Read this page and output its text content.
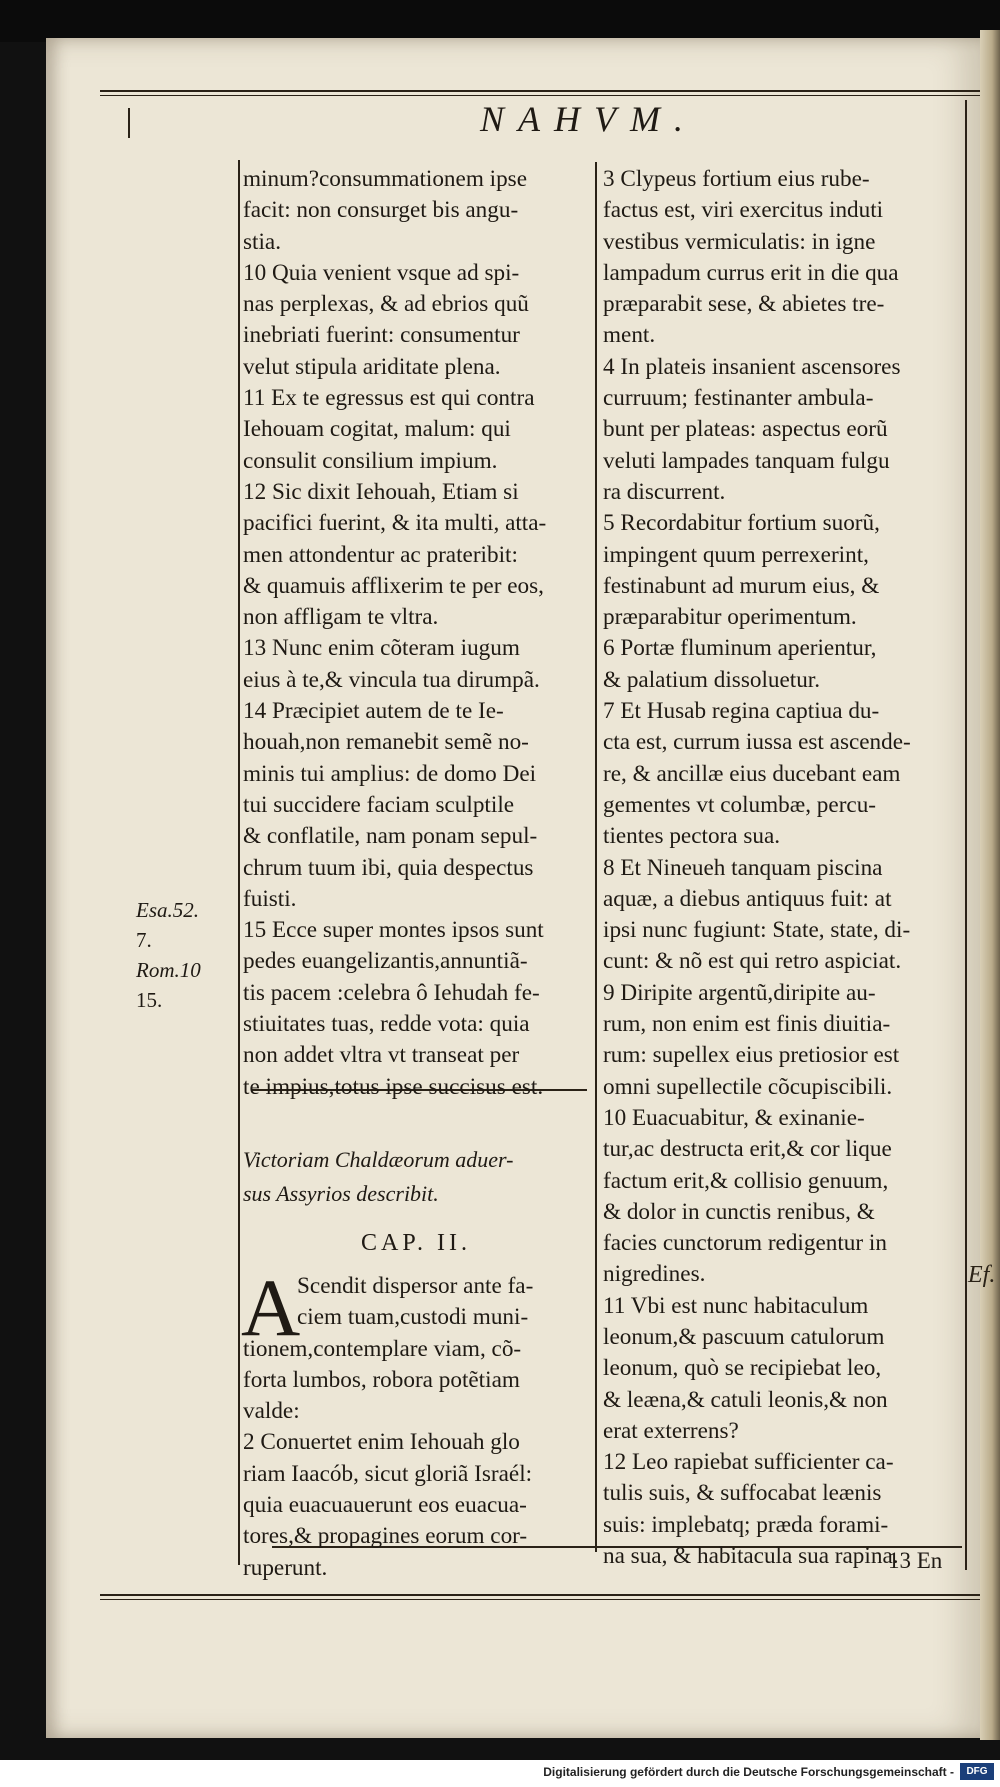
Ef.
NAHVM.
Esa.52.
7.
Rom.10
15.
minum?consummationem ipse
facit: non consurget bis angu-
stia.
10 Quia venient vsque ad spi-
nas perplexas, & ad ebrios quũ
inebriati fuerint: consumentur
velut stipula ariditate plena.
11 Ex te egressus est qui contra
Iehouam cogitat, malum: qui
consulit consilium impium.
12 Sic dixit Iehouah, Etiam si
pacifici fuerint, & ita multi, atta-
men attondentur ac prateribit:
& quamuis afflixerim te per eos,
non affligam te vltra.
13 Nunc enim cõteram iugum
eius à te,& vincula tua dirumpã.
14 Præcipiet autem de te Ie-
houah,non remanebit semẽ no-
minis tui amplius: de domo Dei
tui succidere faciam sculptile
& conflatile, nam ponam sepul-
chrum tuum ibi, quia despectus
fuisti.
15 Ecce super montes ipsos sunt
pedes euangelizantis,annuntiã-
tis pacem :celebra ô Iehudah fe-
stiuitates tuas, redde vota: quia
non addet vltra vt transeat per
te impius,totus ipse succisus est.
Victoriam Chaldæorum aduer-
sus Assyrios describit.
CAP. II.
A
Scendit dispersor ante fa-
ciem tuam,custodi muni-
tionem,contemplare viam, cõ-
forta lumbos, robora potẽtiam
valde:
2 Conuertet enim Iehouah glo
riam Iaacób, sicut gloriã Israél:
quia euacuauerunt eos euacua-
tores,& propagines eorum cor-
ruperunt.
3 Clypeus fortium eius rube-
factus est, viri exercitus induti
vestibus vermiculatis: in igne
lampadum currus erit in die qua
præparabit sese, & abietes tre-
ment.
4 In plateis insanient ascensores
curruum; festinanter ambula-
bunt per plateas: aspectus eorũ
veluti lampades tanquam fulgu
ra discurrent.
5 Recordabitur fortium suorũ,
impingent quum perrexerint,
festinabunt ad murum eius, &
præparabitur operimentum.
6 Portæ fluminum aperientur,
& palatium dissoluetur.
7 Et Husab regina captiua du-
cta est, currum iussa est ascende-
re, & ancillæ eius ducebant eam
gementes vt columbæ, percu-
tientes pectora sua.
8 Et Nineueh tanquam piscina
aquæ, a diebus antiquus fuit: at
ipsi nunc fugiunt: State, state, di-
cunt: & nõ est qui retro aspiciat.
9 Diripite argentũ,diripite au-
rum, non enim est finis diuitia-
rum: supellex eius pretiosior est
omni supellectile cõcupiscibili.
10 Euacuabitur, & exinanie-
tur,ac destructa erit,& cor lique
factum erit,& collisio genuum,
& dolor in cunctis renibus, &
facies cunctorum redigentur in
nigredines.
11 Vbi est nunc habitaculum
leonum,& pascuum catulorum
leonum, quò se recipiebat leo,
& leæna,& catuli leonis,& non
erat exterrens?
12 Leo rapiebat sufficienter ca-
tulis suis, & suffocabat leænis
suis: implebatq; præda forami-
na sua, & habitacula sua rapina.
13 En
Digitalisierung gefördert durch die Deutsche Forschungsgemeinschaft -	DFG
